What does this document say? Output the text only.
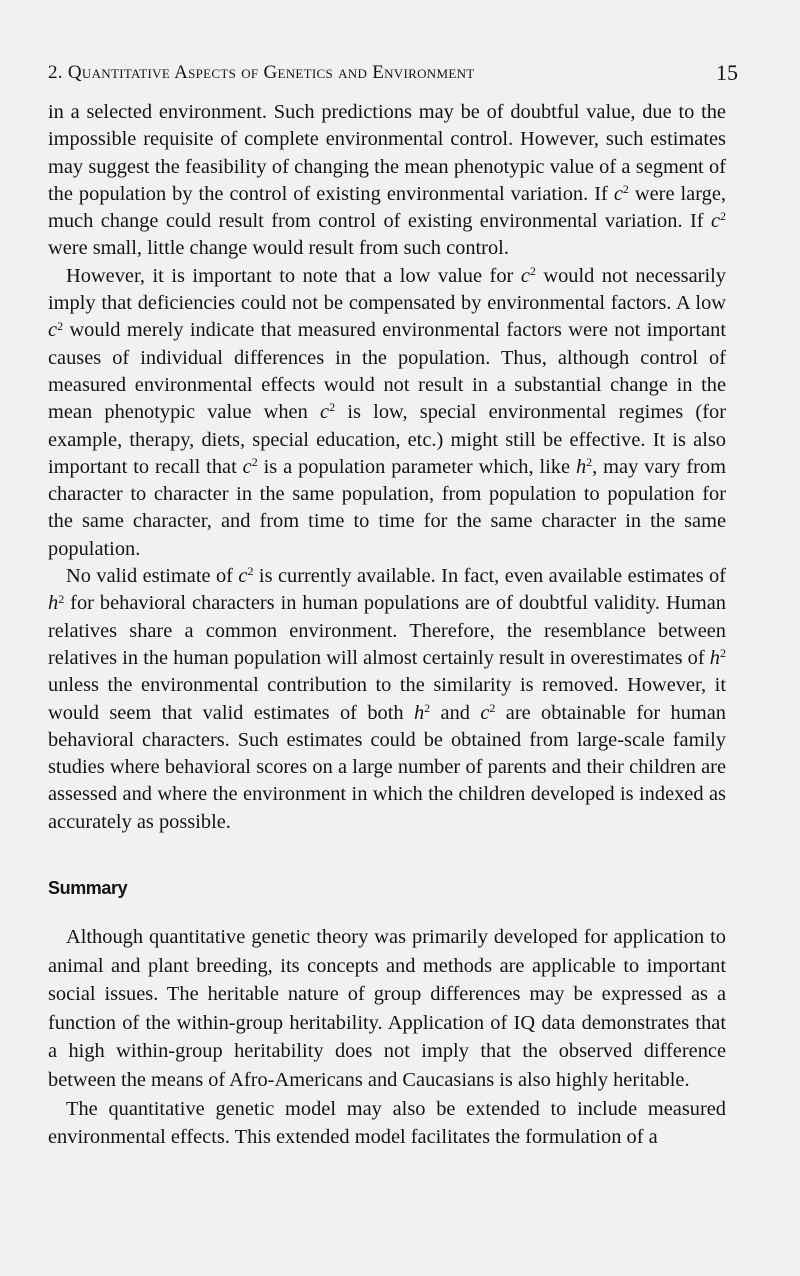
2. Quantitative Aspects of Genetics and Environment	15

in a selected environment. Such predictions may be of doubtful value, due to the impossible requisite of complete environmental control. However, such estimates may suggest the feasibility of changing the mean phenotypic value of a segment of the population by the control of existing environmental variation. If $c^2$ were large, much change could result from control of existing environmental variation. If $c^2$ were small, little change would result from such control.

However, it is important to note that a low value for $c^2$ would not necessarily imply that deficiencies could not be compensated by environmental factors. A low $c^2$ would merely indicate that measured environmental factors were not important causes of individual differences in the population. Thus, although control of measured environmental effects would not result in a substantial change in the mean phenotypic value when $c^2$ is low, special environmental regimes (for example, therapy, diets, special education, etc.) might still be effective. It is also important to recall that $c^2$ is a population parameter which, like $h^2$, may vary from character to character in the same population, from population to population for the same character, and from time to time for the same character in the same population.

No valid estimate of $c^2$ is currently available. In fact, even available estimates of $h^2$ for behavioral characters in human populations are of doubtful validity. Human relatives share a common environment. Therefore, the resemblance between relatives in the human population will almost certainly result in overestimates of $h^2$ unless the environmental contribution to the similarity is removed. However, it would seem that valid estimates of both $h^2$ and $c^2$ are obtainable for human behavioral characters. Such estimates could be obtained from large-scale family studies where behavioral scores on a large number of parents and their children are assessed and where the environment in which the children developed is indexed as accurately as possible.

Summary

Although quantitative genetic theory was primarily developed for application to animal and plant breeding, its concepts and methods are applicable to important social issues. The heritable nature of group differences may be expressed as a function of the within-group heritability. Application of IQ data demonstrates that a high within-group heritability does not imply that the observed difference between the means of Afro-Americans and Caucasians is also highly heritable.

The quantitative genetic model may also be extended to include measured environmental effects. This extended model facilitates the formulation of a
